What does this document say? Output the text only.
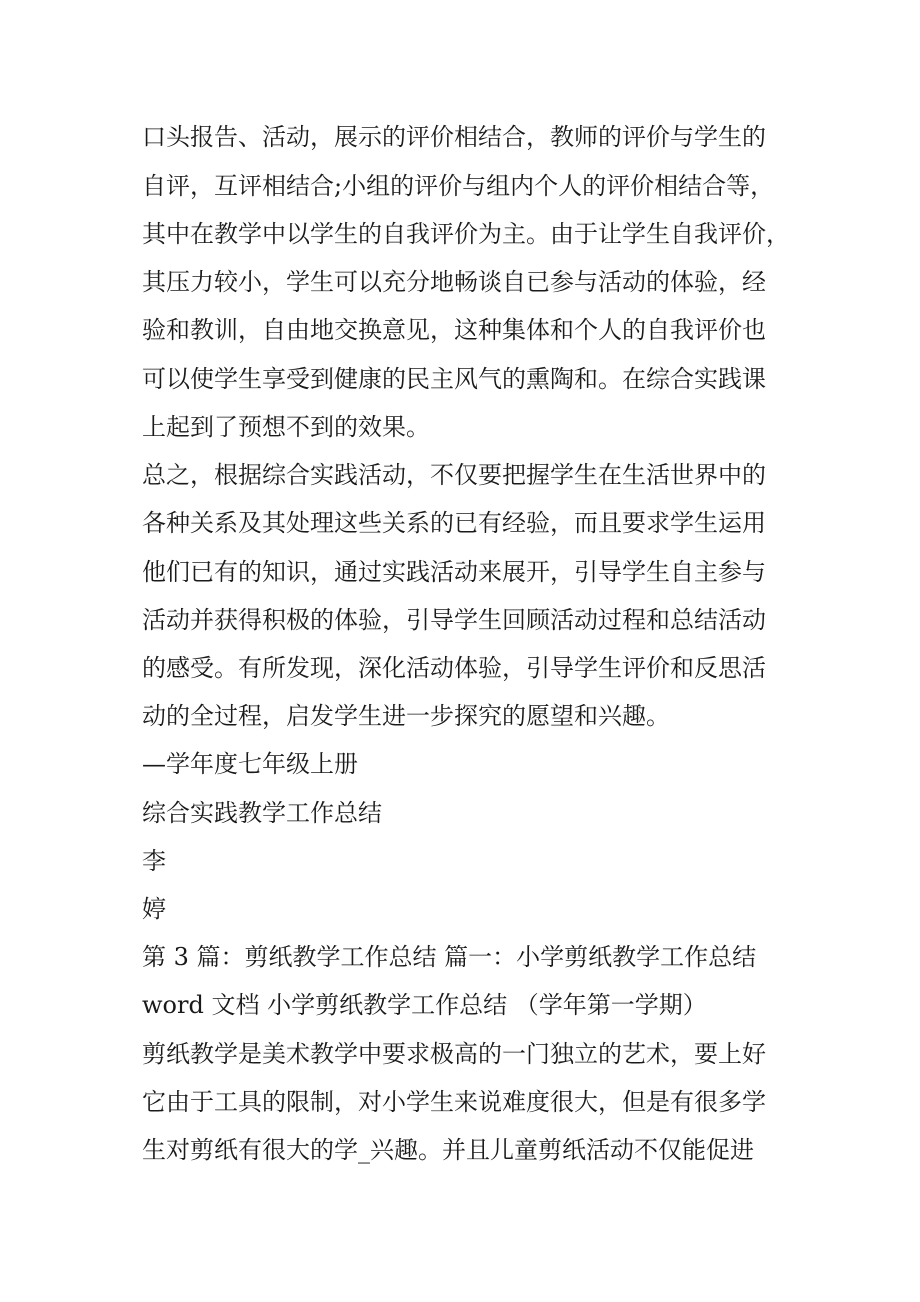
口头报告、活动，展示的评价相结合，教师的评价与学生的

自评，互评相结合;小组的评价与组内个人的评价相结合等，

其中在教学中以学生的自我评价为主。由于让学生自我评价，

其压力较小，学生可以充分地畅谈自已参与活动的体验，经

验和教训，自由地交换意见，这种集体和个人的自我评价也

可以使学生享受到健康的民主风气的熏陶和。在综合实践课

上起到了预想不到的效果。

总之，根据综合实践活动，不仅要把握学生在生活世界中的

各种关系及其处理这些关系的已有经验，而且要求学生运用

他们已有的知识，通过实践活动来展开，引导学生自主参与

活动并获得积极的体验，引导学生回顾活动过程和总结活动

的感受。有所发现，深化活动体验，引导学生评价和反思活

动的全过程，启发学生进一步探究的愿望和兴趣。

—学年度七年级上册

综合实践教学工作总结

李

婷

第 3 篇：剪纸教学工作总结 篇一：小学剪纸教学工作总结

word 文档 小学剪纸教学工作总结 （学年第一学期）

剪纸教学是美术教学中要求极高的一门独立的艺术，要上好

它由于工具的限制，对小学生来说难度很大，但是有很多学

生对剪纸有很大的学_兴趣。并且儿童剪纸活动不仅能促进
